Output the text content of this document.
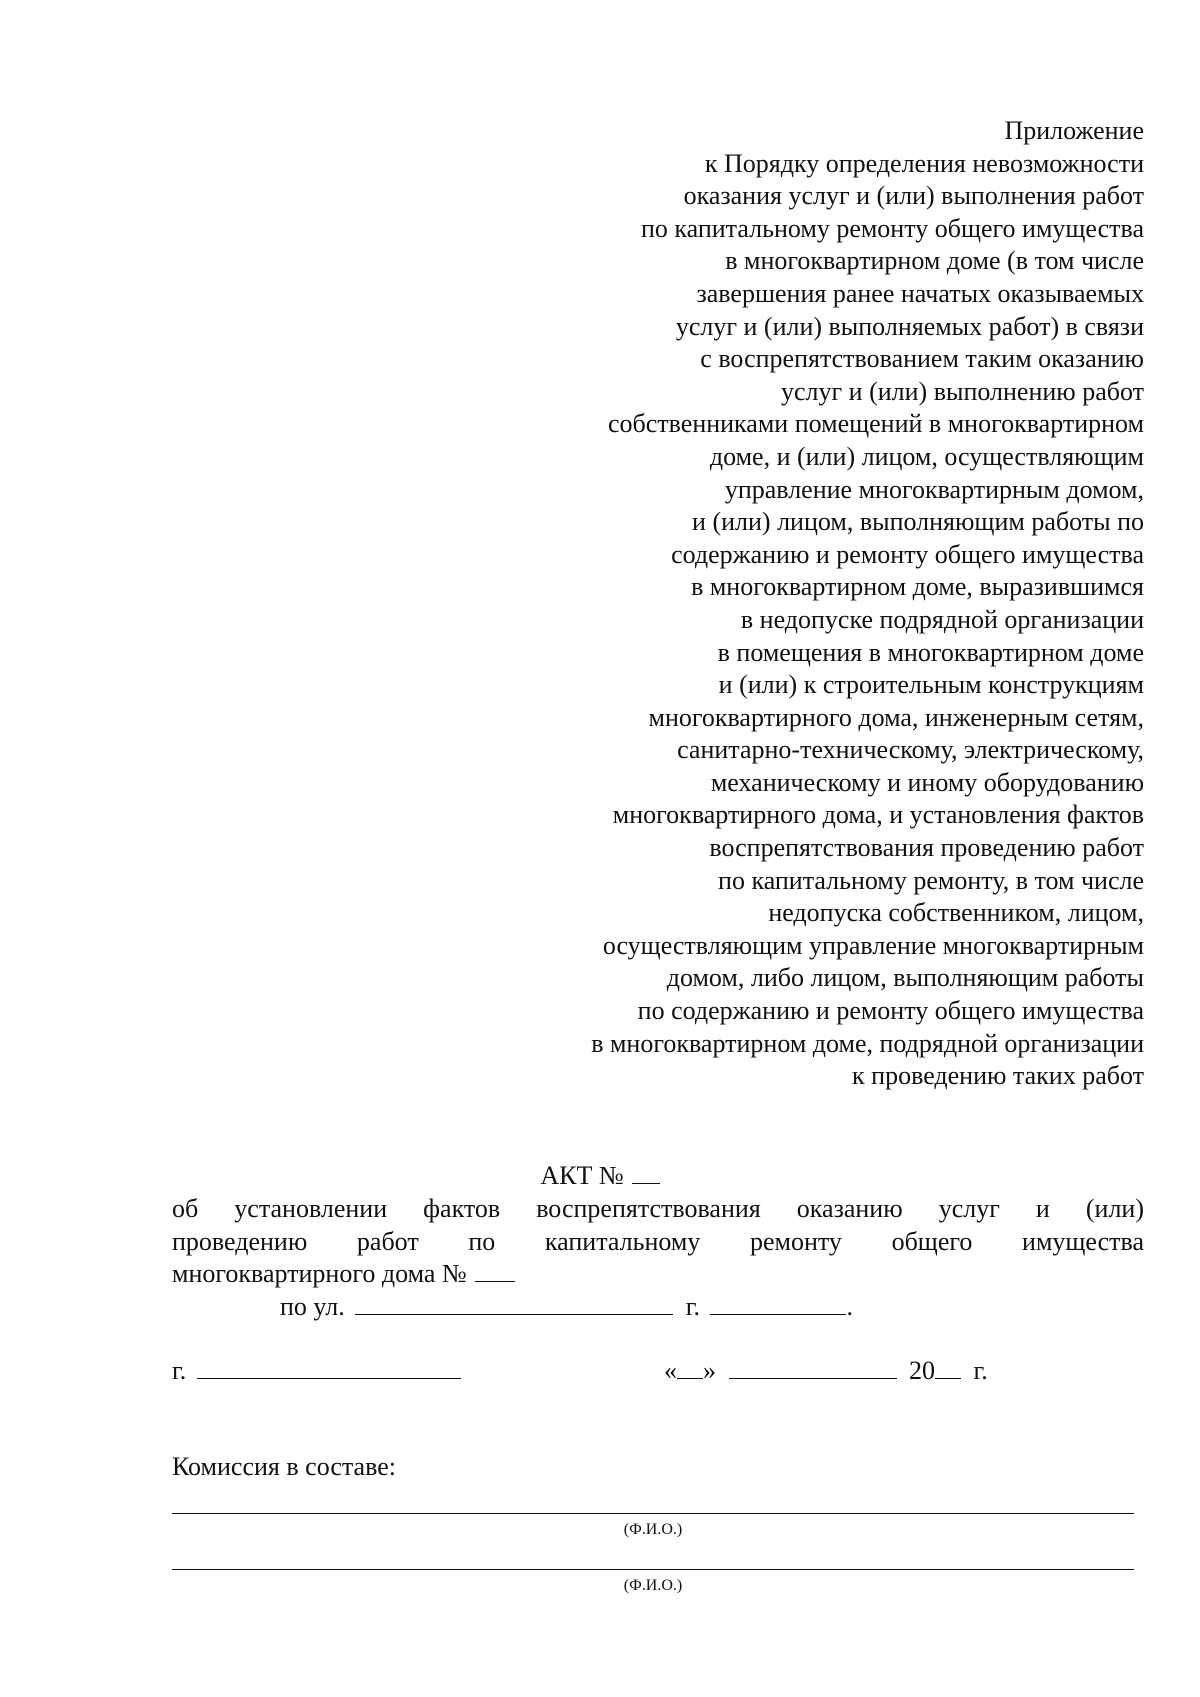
Приложение
к Порядку определения невозможности
оказания услуг и (или) выполнения работ
по капитальному ремонту общего имущества
в многоквартирном доме (в том числе
завершения ранее начатых оказываемых
услуг и (или) выполняемых работ) в связи
с воспрепятствованием таким оказанию
услуг и (или) выполнению работ
собственниками помещений в многоквартирном
доме, и (или) лицом, осуществляющим
управление многоквартирным домом,
и (или) лицом, выполняющим работы по
содержанию и ремонту общего имущества
в многоквартирном доме, выразившимся
в недопуске подрядной организации
в помещения в многоквартирном доме
и (или) к строительным конструкциям
многоквартирного дома, инженерным сетям,
санитарно-техническому, электрическому,
механическому и иному оборудованию
многоквартирного дома, и установления фактов
воспрепятствования проведению работ
по капитальному ремонту, в том числе
недопуска собственником, лицом,
осуществляющим управление многоквартирным
домом, либо лицом, выполняющим работы
по содержанию и ремонту общего имущества
в многоквартирном доме, подрядной организации
к проведению таких работ
АКТ №
об установлении фактов воспрепятствования оказанию услуг и (или)
проведению работ по капитальному ремонту общего имущества
многоквартирного дома №
по ул.	г.	.
г.	« »	20 г.
Комиссия в составе:
(Ф.И.О.)
(Ф.И.О.)
